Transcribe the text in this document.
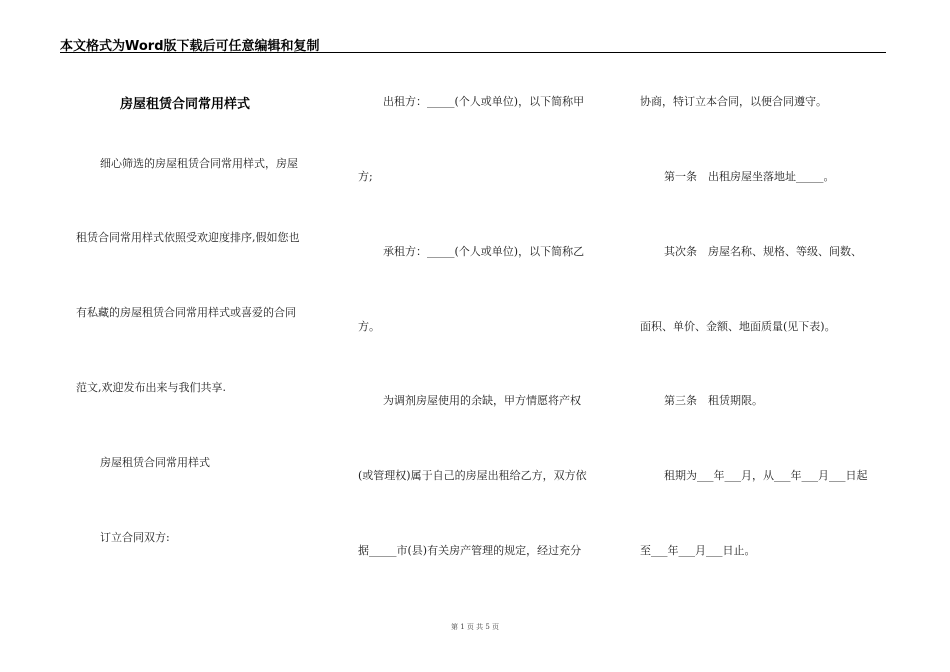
本文格式为Word版下载后可任意编辑和复制
房屋租赁合同常用样式
细心筛选的房屋租赁合同常用样式，房屋
租赁合同常用样式依照受欢迎度排序,假如您也
有私藏的房屋租赁合同常用样式或喜爱的合同
范文,欢迎发布出来与我们共享.
房屋租赁合同常用样式
订立合同双方:
出租方：_____(个人或单位)，以下简称甲
方;
承租方：_____(个人或单位)，以下简称乙
方。
为调剂房屋使用的余缺，甲方情愿将产权
(或管理权)属于自己的房屋出租给乙方，双方依
据_____市(县)有关房产管理的规定，经过充分
协商，特订立本合同，以便合同遵守。
第一条　出租房屋坐落地址_____。
其次条　房屋名称、规格、等级、间数、
面积、单价、金额、地面质量(见下表)。
第三条　租赁期限。
租期为___年___月，从___年___月___日起
至___年___月___日止。
第 1 页 共 5 页
